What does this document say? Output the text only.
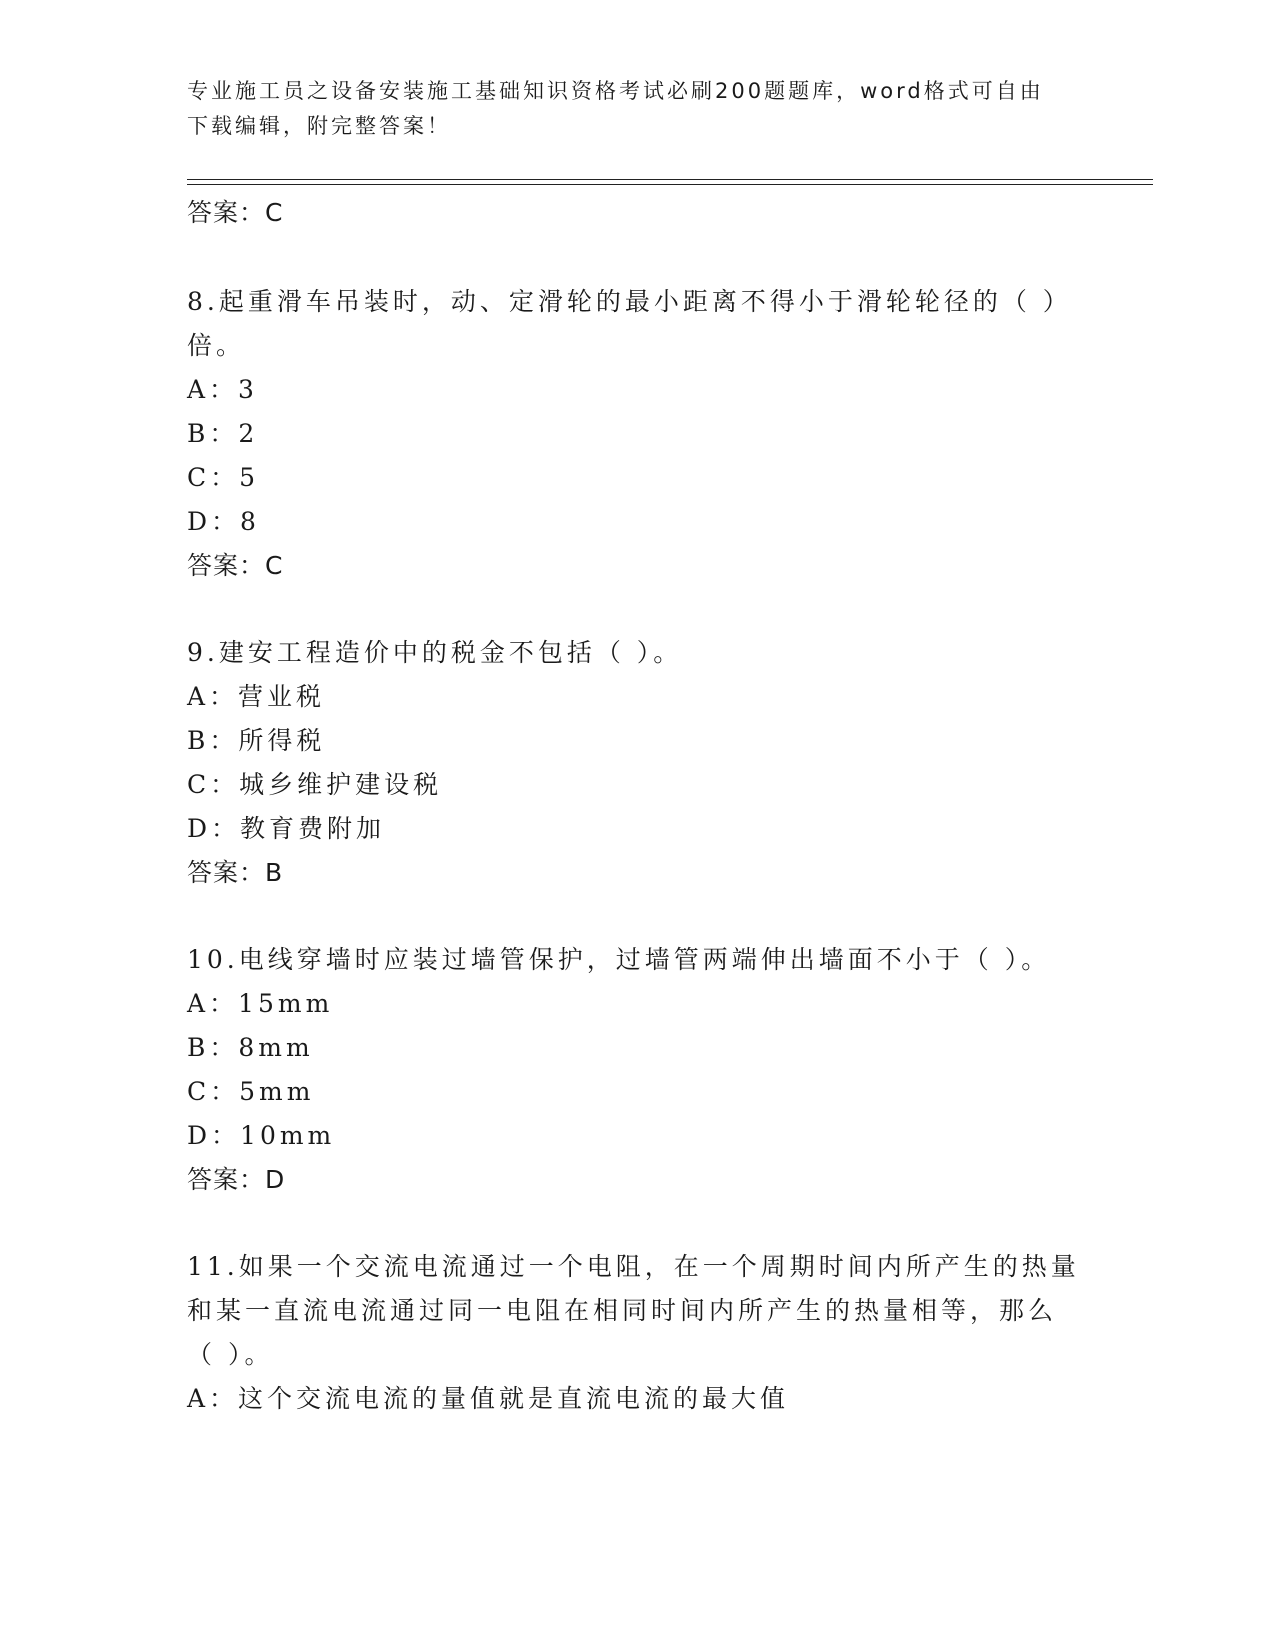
专业施工员之设备安装施工基础知识资格考试必刷200题题库，word格式可自由
下载编辑，附完整答案！
答案：C
8.起重滑车吊装时，动、定滑轮的最小距离不得小于滑轮轮径的（ ）
倍。
A：3
B：2
C：5
D：8
答案：C
9.建安工程造价中的税金不包括（ ）。
A：营业税
B：所得税
C：城乡维护建设税
D：教育费附加
答案：B
10.电线穿墙时应装过墙管保护，过墙管两端伸出墙面不小于（ ）。
A：15mm
B：8mm
C：5mm
D：10mm
答案：D
11.如果一个交流电流通过一个电阻，在一个周期时间内所产生的热量
和某一直流电流通过同一电阻在相同时间内所产生的热量相等，那么
（ ）。
A：这个交流电流的量值就是直流电流的最大值
